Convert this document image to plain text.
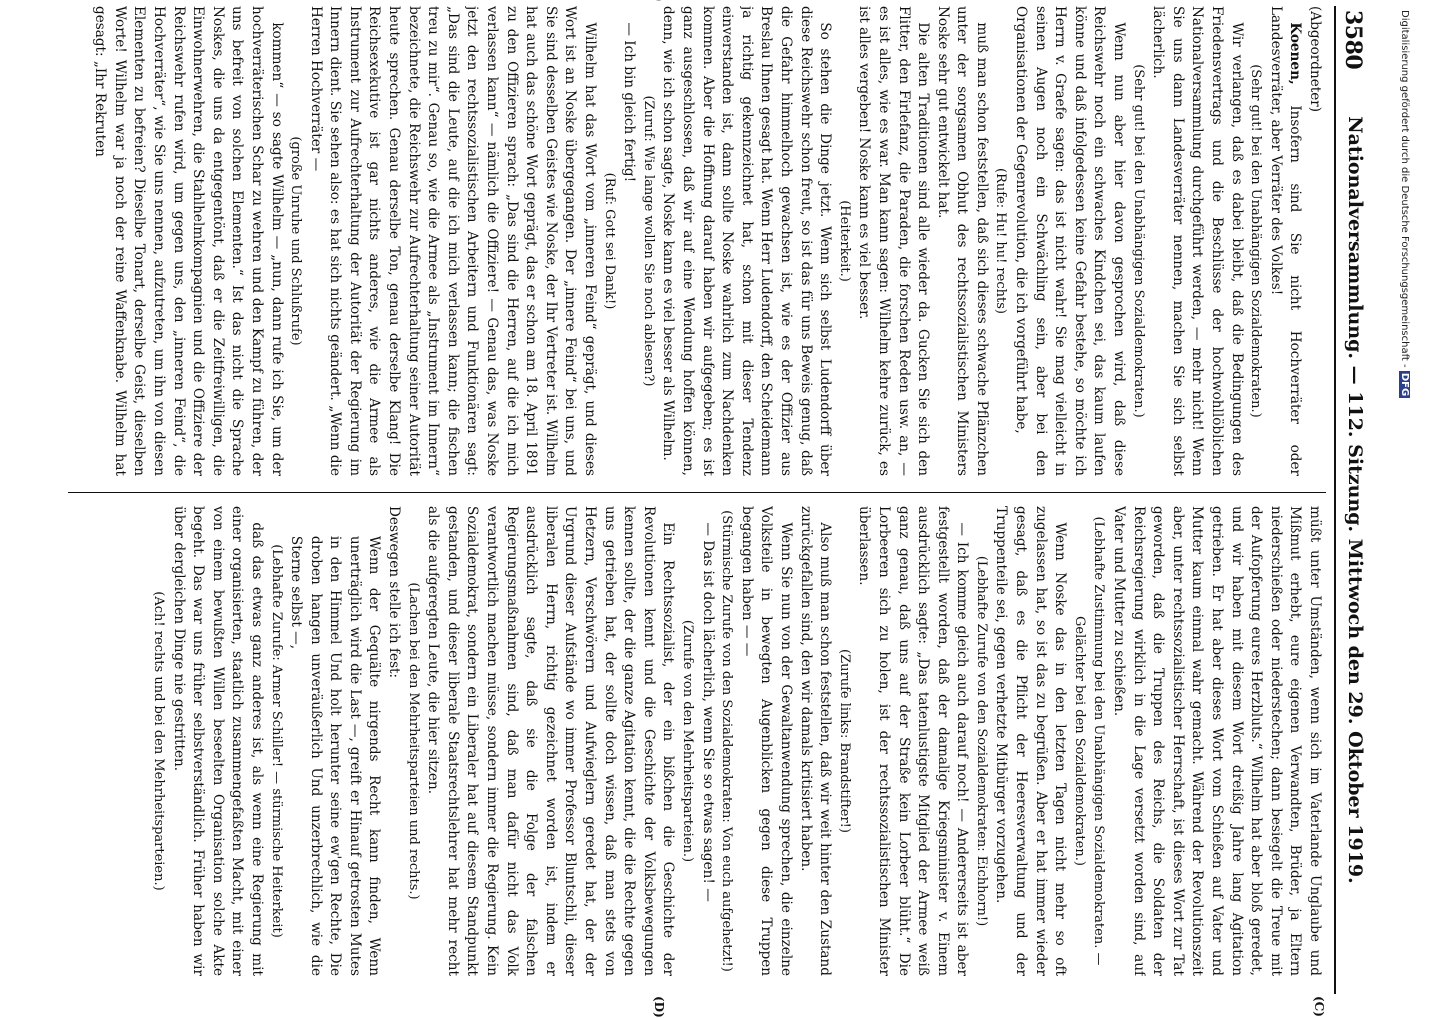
3580
Nationalversammlung. — 112. Sitzung. Mittwoch den 29. Oktober 1919.
(C)
(D)

(Abgeordneter)

Koenen, Insofern sind Sie nicht Hochverräter oder Landesverräter, aber Verräter des Volkes!

(Sehr gut! bei den Unabhängigen Sozialdemokraten.)

Wir verlangen, daß es dabei bleibt, daß die Bedingungen des Friedensvertrags und die Beschlüsse der hochwohllöblichen Nationalversammlung durchgeführt werden, — mehr nicht! Wenn Sie uns dann Landesverräter nennen, machen Sie sich selbst lächerlich.

(Sehr gut! bei den Unabhängigen Sozialdemokraten.)

Wenn nun aber hier davon gesprochen wird, daß diese Reichswehr noch ein schwaches Kindchen sei, das kaum laufen könne und daß infolgedessen keine Gefahr bestehe, so möchte ich Herrn v. Graefe sagen: das ist nicht wahr! Sie mag vielleicht in seinen Augen noch ein Schwächling sein, aber bei den Organisationen der Gegenrevolution, die ich vorgeführt habe,

(Rufe: Hu! hu! rechts)

muß man schon feststellen, daß sich dieses schwache Pflänzchen unter der sorgsamen Obhut des rechtssozialistischen Ministers Noske sehr gut entwickelt hat.

Die alten Traditionen sind alle wieder da. Gucken Sie sich den Flitter, den Firlefanz, die Paraden, die forschen Reden usw. an, — es ist alles, wie es war. Man kann sagen: Wilhelm kehre zurück, es ist alles vergeben! Noske kann es viel besser.

(Heiterkeit.)

So stehen die Dinge jetzt. Wenn sich selbst Ludendorff über diese Reichswehr schon freut, so ist das für uns Beweis genug, daß die Gefahr himmelhoch gewachsen ist, wie es der Offizier aus Breslau Ihnen gesagt hat. Wenn Herr Ludendorff, den Scheidemann ja richtig gekennzeichnet hat, schon mit dieser Tendenz einverstanden ist, dann sollte Noske wahrlich zum Nachdenken kommen. Aber die Hoffnung darauf haben wir aufgegeben; es ist ganz ausgeschlossen, daß wir auf eine Wendung hoffen können, denn, wie ich schon sagte, Noske kann es viel besser als Wilhelm.

(Zuruf: Wie lange wollen Sie noch ablesen?)

— Ich bin gleich fertig!

(Ruf: Gott sei Dank!)

Wilhelm hat das Wort vom „inneren Feind“ geprägt, und dieses Wort ist an Noske übergegangen. Der „innere Feind“ bei uns, und Sie sind desselben Geistes wie Noske, der Ihr Vertreter ist. Wilhelm hat auch das schöne Wort geprägt, das er schon am 18. April 1891 zu den Offizieren sprach: „Das sind die Herren, auf die ich mich verlassen kann“ — nämlich die Offiziere! — Genau das, was Noske jetzt den rechtssozialistischen Arbeitern und Funktionären sagt: „Das sind die Leute, auf die ich mich verlassen kann; die fischen treu zu mir“. Genau so, wie die Armee als „Instrument im Innern“ bezeichnete, die Reichswehr zur Aufrechterhaltung seiner Autorität heute sprechen. Genau derselbe Ton, genau derselbe Klang! Die Reichsexekutive ist gar nichts anderes, wie die Armee als Instrument zur Aufrechterhaltung der Autorität der Regierung im Innern dient. Sie sehen also: es hat sich nichts geändert. „Wenn die Herren Hochverräter —

(große Unruhe und Schlußrufe)

kommen“ — so sagte Wilhelm — „nun, dann rufe ich Sie, um der hochverräterischen Schar zu wehren und den Kampf zu führen, der uns befreit von solchen Elementen.“ Ist das nicht die Sprache Noskes, die uns da entgegentönt, daß er die Zeitfreiwilligen, die Einwohnerwehren, die Stahlhelmkompagnien und die Offiziere der Reichswehr rufen wird, um gegen uns, den „inneren Feind“, die Hochverräter“, wie Sie uns nennen, aufzutreten, um ihn von diesen Elementen zu befreien? Dieselbe Tonart, derselbe Geist, dieselben Worte! Wilhelm war ja noch der reine Waffenknabe. Wilhelm hat gesagt: „Ihr Rekruten

müßt unter Umständen, wenn sich im Vaterlande Unglaube und Mißmut erhebt, eure eigenen Verwandten, Brüder, ja Eltern niederschießen oder niederstechen; dann besiegelt die Treue mit der Aufopferung eures Herzbluts.“ Wilhelm hat aber bloß geredet, und wir haben mit diesem Wort dreißig Jahre lang Agitation getrieben. Er hat aber dieses Wort vom Schießen auf Vater und Mutter kaum einmal wahr gemacht. Während der Revolutionszeit aber, unter rechtssozialistischer Herrschaft, ist dieses Wort zur Tat geworden, daß die Truppen des Reichs, die Soldaten der Reichsregierung wirklich in die Lage versetzt worden sind, auf Vater und Mutter zu schießen.

(Lebhafte Zustimmung bei den Unabhängigen Sozialdemokraten. — Gelächter bei den Sozialdemokraten.)

Wenn Noske das in den letzten Tagen nicht mehr so oft zugelassen hat, so ist das zu begrüßen. Aber er hat immer wieder gesagt, daß es die Pflicht der Heeresverwaltung und der Truppenteile sei, gegen verhetzte Mitbürger vorzugehen.

(Lebhafte Zurufe von den Sozialdemokraten: Eichhorn!)

— Ich komme gleich auch darauf noch! — Andererseits ist aber festgestellt worden, daß der damalige Kriegsminister v. Einem ausdrücklich sagte: „Das tatenlustigste Mitglied der Armee weiß ganz genau, daß uns auf der Straße kein Lorbeer blüht.“ Die Lorbeeren sich zu holen, ist der rechtssozialistischen Minister überlassen.

(Zurufe links: Brandstifter!)

Also muß man schon feststellen, daß wir weit hinter den Zustand zurückgefallen sind, den wir damals kritisiert haben.

Wenn Sie nun von der Gewaltanwendung sprechen, die einzelne Volksteile in bewegten Augenblicken gegen diese Truppen begangen haben — —

(Stürmische Zurufe von den Sozialdemokraten: Von euch aufgehetzt!)

— Das ist doch lächerlich, wenn Sie so etwas sagen! —

(Zurufe von den Mehrheitsparteien.)

Ein Rechtssozialist, der ein bißchen die Geschichte der Revolutionen kennt und die Geschichte der Volksbewegungen kennen sollte, der die ganze Agitation kennt, die die Rechte gegen uns getrieben hat, der sollte doch wissen, daß man stets von Hetzern, Verschwörern und Aufwieglern geredet hat, der der Urgrund dieser Aufstände wo immer Professor Bluntschli, dieser liberalen Herrn, richtig gezeichnet worden ist, indem er ausdrücklich sagte, daß sie die Folge der falschen Regierungsmaßnahmen sind, daß man dafür nicht das Volk verantwortlich machen müsse, sondern immer die Regierung. Kein Sozialdemokrat, sondern ein Liberaler hat auf diesem Standpunkt gestanden, und dieser liberale Staatsrechtslehrer hat mehr recht als die aufgeregten Leute, die hier sitzen.

(Lachen bei den Mehrheitsparteien und rechts.)

Deswegen stelle ich fest:

Wenn der Gequälte nirgends Recht kann finden, Wenn unerträglich wird die Last —, greift er Hinauf getrosten Mutes in den Himmel Und holt herunter seine ew'gen Rechte, Die droben hangen unveräußerlich Und unzerbrechlich, wie die Sterne selbst —,

(Lebhafte Zurufe: Armer Schiller! — stürmische Heiterkeit)

daß das etwas ganz anderes ist, als wenn eine Regierung mit einer organisierten, staatlich zusammengefaßten Macht, mit einer von einem bewußten Willen beseelten Organisation solche Akte begeht. Das war uns früher selbstverständlich. Früher haben wir über dergleichen Dinge nie gestritten.

(Ach! rechts und bei den Mehrheitsparteien.)

Digitalisierung gefördert durch die Deutsche Forschungsgemeinschaft - DFG
